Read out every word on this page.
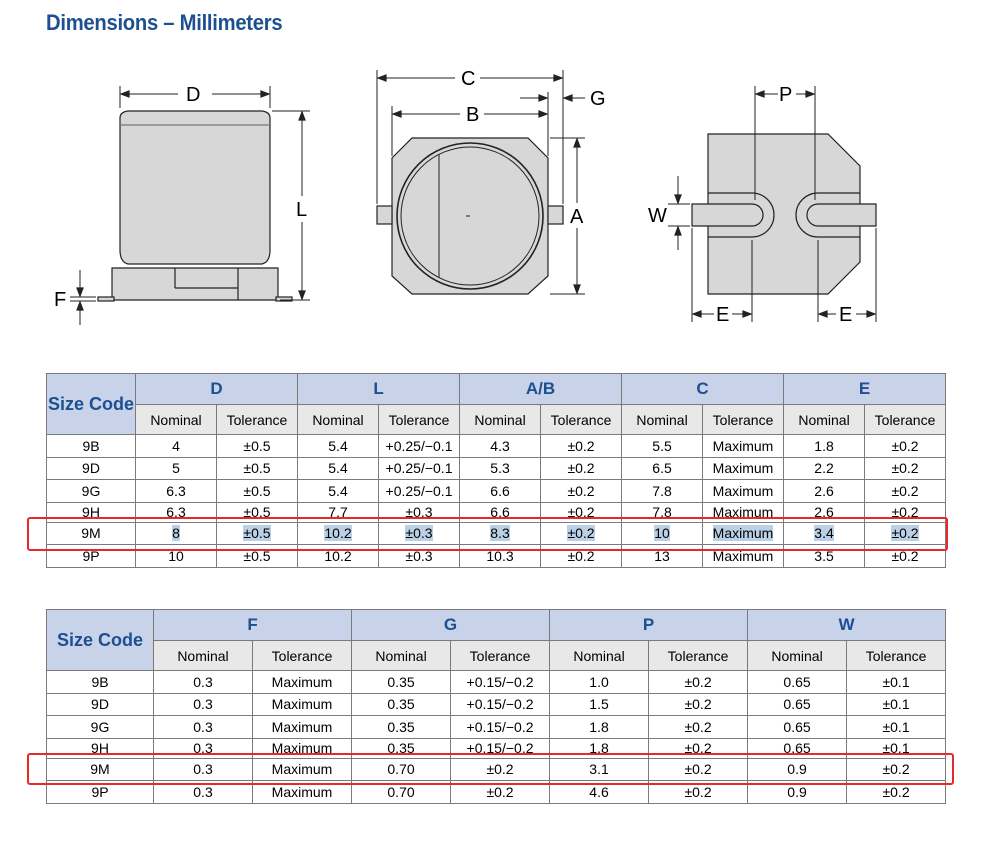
Dimensions – Millimeters
D
L
F
C
B
G
A
P
W
E	E
Size Code	D		L		A/B		C		E	
	Nominal	Tolerance	Nominal	Tolerance	Nominal	Tolerance	Nominal	Tolerance	Nominal	Tolerance
9B	4	±0.5	5.4	+0.25/−0.1	4.3	±0.2	5.5	Maximum	1.8	±0.2
9D	5	±0.5	5.4	+0.25/−0.1	5.3	±0.2	6.5	Maximum	2.2	±0.2
9G	6.3	±0.5	5.4	+0.25/−0.1	6.6	±0.2	7.8	Maximum	2.6	±0.2
9H	6.3	±0.5	7.7	±0.3	6.6	±0.2	7.8	Maximum	2.6	±0.2
9M	8	±0.5	10.2	±0.3	8.3	±0.2	10	Maximum	3.4	±0.2
9P	10	±0.5	10.2	±0.3	10.3	±0.2	13	Maximum	3.5	±0.2
Size Code	F		G		P		W	
	Nominal	Tolerance	Nominal	Tolerance	Nominal	Tolerance	Nominal	Tolerance
9B	0.3	Maximum	0.35	+0.15/−0.2	1.0	±0.2	0.65	±0.1
9D	0.3	Maximum	0.35	+0.15/−0.2	1.5	±0.2	0.65	±0.1
9G	0.3	Maximum	0.35	+0.15/−0.2	1.8	±0.2	0.65	±0.1
9H	0.3	Maximum	0.35	+0.15/−0.2	1.8	±0.2	0.65	±0.1
9M	0.3	Maximum	0.70	±0.2	3.1	±0.2	0.9	±0.2
9P	0.3	Maximum	0.70	±0.2	4.6	±0.2	0.9	±0.2
